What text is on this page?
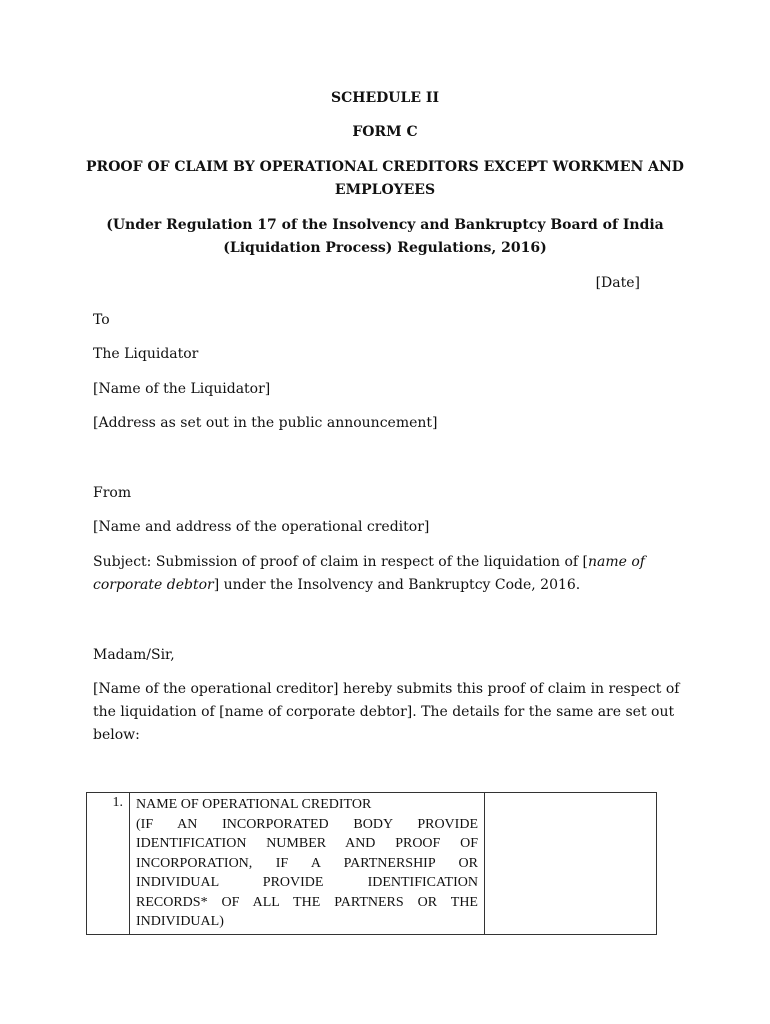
SCHEDULE II
FORM C
PROOF OF CLAIM BY OPERATIONAL CREDITORS EXCEPT WORKMEN AND
EMPLOYEES
(Under Regulation 17 of the Insolvency and Bankruptcy Board of India
(Liquidation Process) Regulations, 2016)
[Date]
To
The Liquidator
[Name of the Liquidator]
[Address as set out in the public announcement]
From
[Name and address of the operational creditor]
Subject: Submission of proof of claim in respect of the liquidation of [name of
corporate debtor] under the Insolvency and Bankruptcy Code, 2016.
Madam/Sir,
[Name of the operational creditor] hereby submits this proof of claim in respect of
the liquidation of [name of corporate debtor]. The details for the same are set out
below:
1.	NAME OF OPERATIONAL CREDITOR
(IF AN INCORPORATED BODY PROVIDE
IDENTIFICATION NUMBER AND PROOF OF
INCORPORATION, IF A PARTNERSHIP OR
INDIVIDUAL PROVIDE IDENTIFICATION
RECORDS* OF ALL THE PARTNERS OR THE
INDIVIDUAL)
